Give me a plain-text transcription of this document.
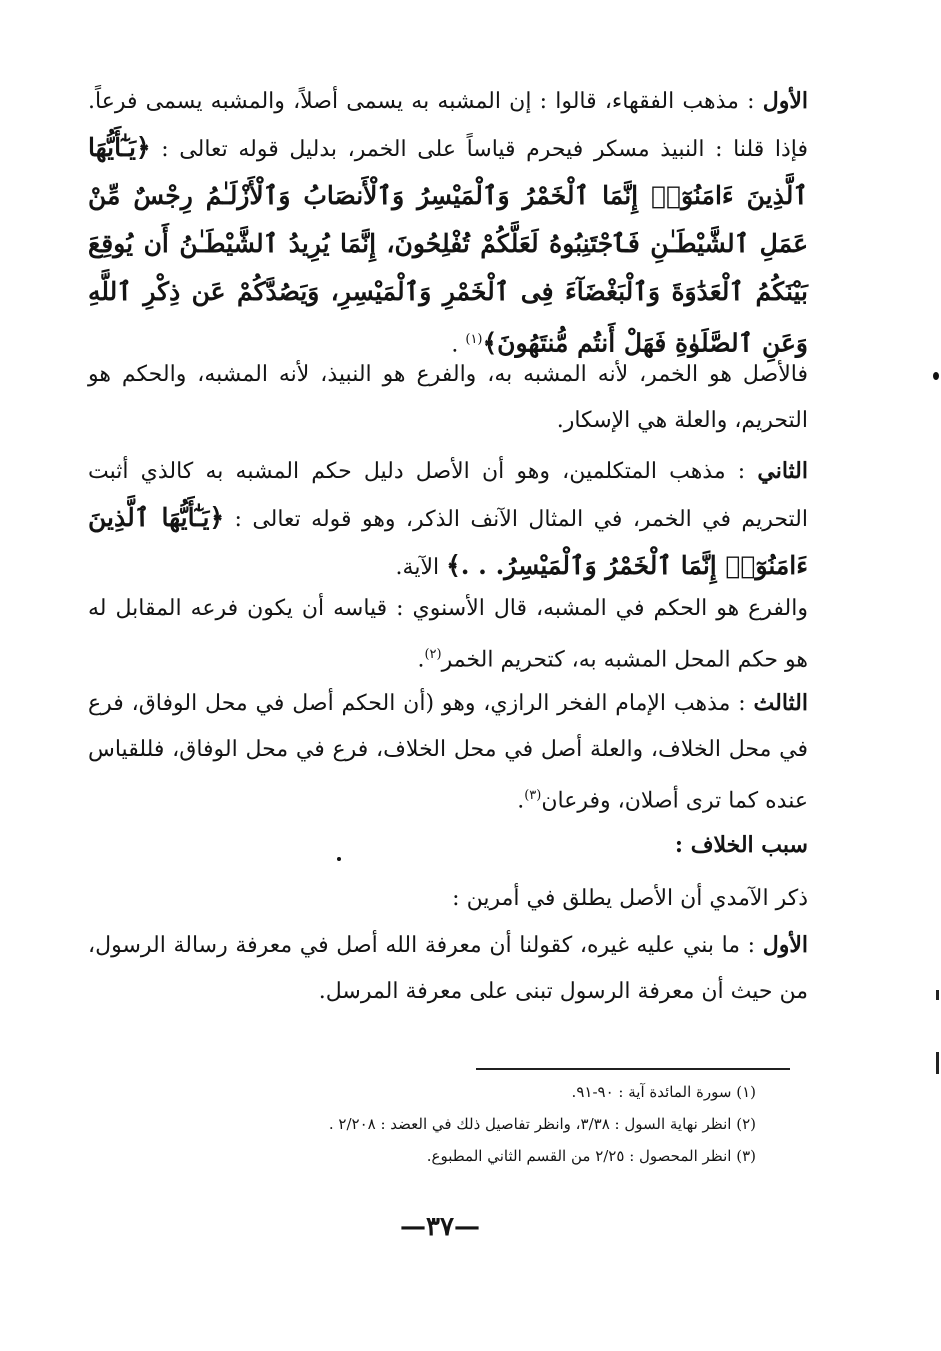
الأول : مذهب الفقهاء، قالوا : إن المشبه به يسمى أصلاً، والمشبه يسمى فرعاً. فإذا قلنا : النبيذ مسكر فيحرم قياساً على الخمر، بدليل قوله تعالى : ﴿يَـٰٓأَيُّهَا ٱلَّذِينَ ءَامَنُوٓا۟ إِنَّمَا ٱلْخَمْرُ وَٱلْمَيْسِرُ وَٱلْأَنصَابُ وَٱلْأَزْلَـٰمُ رِجْسٌ مِّنْ عَمَلِ ٱلشَّيْطَـٰنِ فَٱجْتَنِبُوهُ لَعَلَّكُمْ تُفْلِحُونَ، إِنَّمَا يُرِيدُ ٱلشَّيْطَـٰنُ أَن يُوقِعَ بَيْنَكُمُ ٱلْعَدَٰوَةَ وَٱلْبَغْضَآءَ فِى ٱلْخَمْرِ وَٱلْمَيْسِرِ، وَيَصُدَّكُمْ عَن ذِكْرِ ٱللَّهِ وَعَنِ ٱلصَّلَوٰةِ فَهَلْ أَنتُم مُّنتَهُونَ﴾$^{(١)}$ .

فالأصل هو الخمر، لأنه المشبه به، والفرع هو النبيذ، لأنه المشبه، والحكم هو التحريم، والعلة هي الإسكار.

الثاني : مذهب المتكلمين، وهو أن الأصل دليل حكم المشبه به كالذي أثبت التحريم في الخمر، في المثال الآنف الذكر، وهو قوله تعالى : ﴿يَـٰٓأَيُّهَا ٱلَّذِينَ ءَامَنُوٓا۟ إِنَّمَا ٱلْخَمْرُ وَٱلْمَيْسِرُ. . .﴾ الآية.

والفرع هو الحكم في المشبه، قال الأسنوي : قياسه أن يكون فرعه المقابل له هو حكم المحل المشبه به، كتحريم الخمر$^{(٢)}$.

الثالث : مذهب الإمام الفخر الرازي، وهو (أن الحكم أصل في محل الوفاق، فرع في محل الخلاف، والعلة أصل في محل الخلاف، فرع في محل الوفاق، فللقياس عنده كما ترى أصلان، وفرعان$^{(٣)}$.

سبب الخلاف :

ذكر الآمدي أن الأصل يطلق في أمرين :

الأول : ما بني عليه غيره، كقولنا أن معرفة الله أصل في معرفة رسالة الرسول، من حيث أن معرفة الرسول تبنى على معرفة المرسل.

(١) سورة المائدة آية : ٩٠-٩١.
(٢) انظر نهاية السول : ٣/٣٨، وانظر تفاصيل ذلك في العضد : ٢/٢٠٨ .
(٣) انظر المحصول : ٢/٢٥ من القسم الثاني المطبوع.
—٣٧—
